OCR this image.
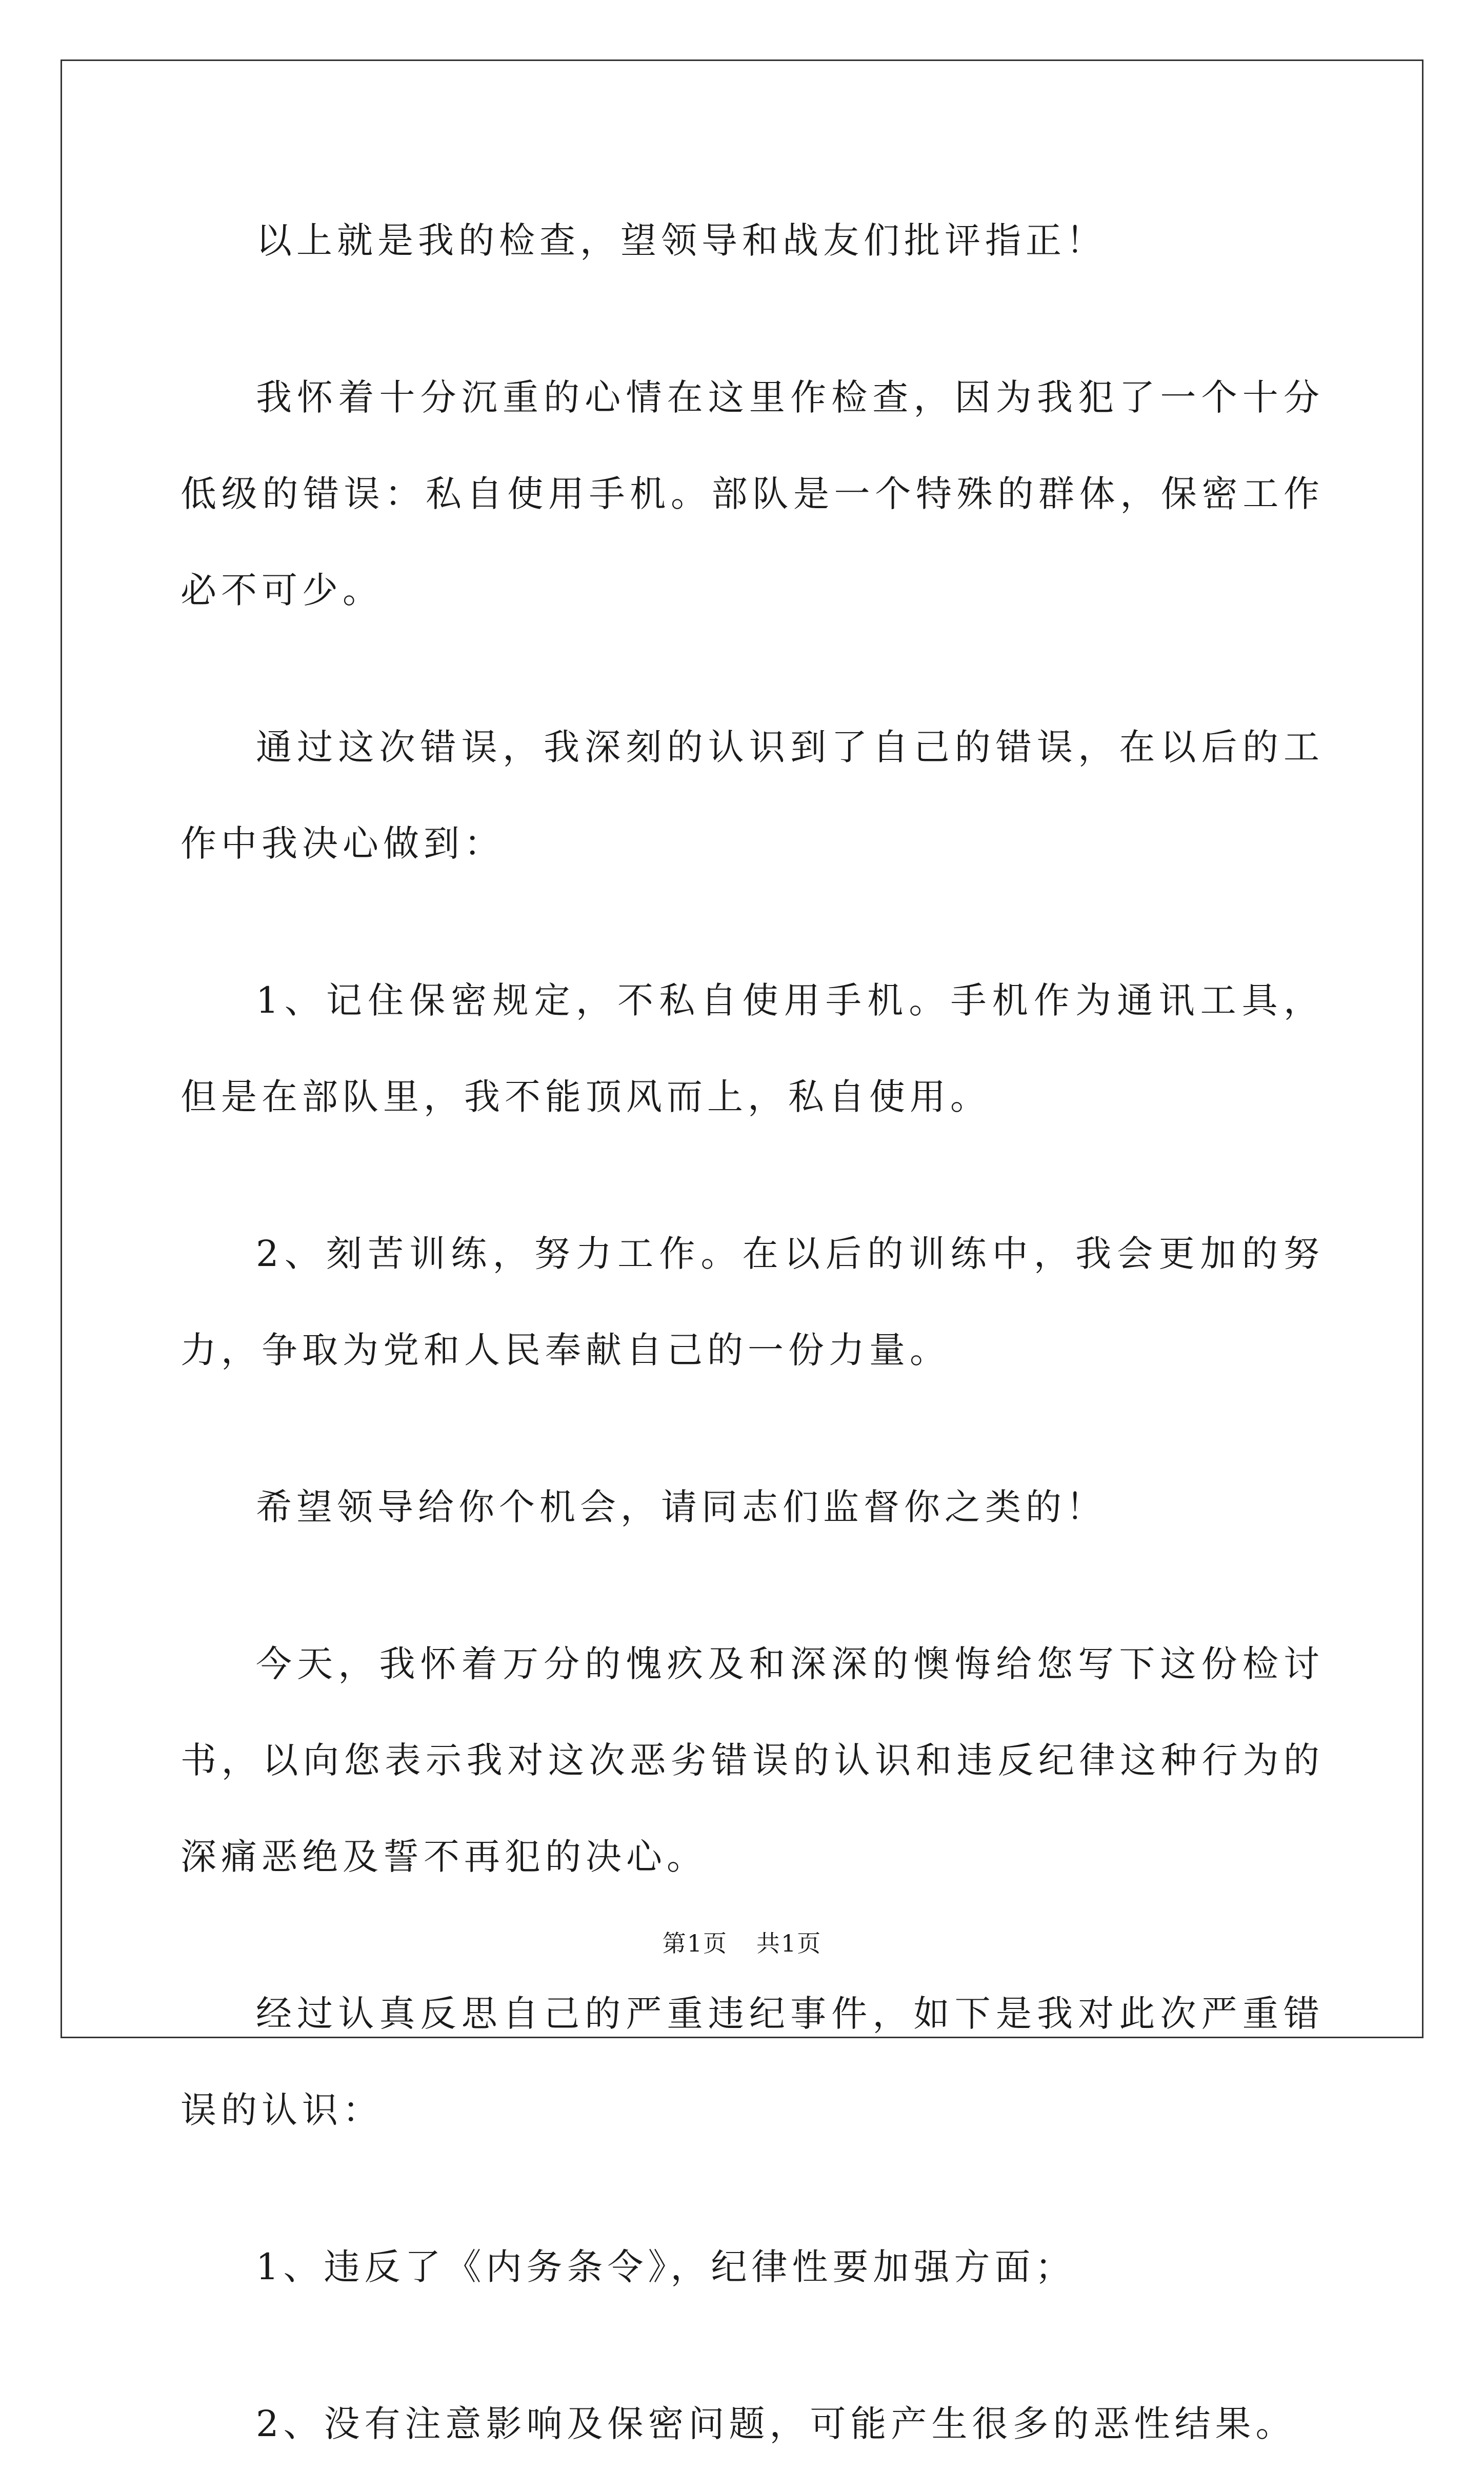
以上就是我的检查，望领导和战友们批评指正！

我怀着十分沉重的心情在这里作检查，因为我犯了一个十分低级的错误：私自使用手机。部队是一个特殊的群体，保密工作必不可少。

通过这次错误，我深刻的认识到了自己的错误，在以后的工作中我决心做到：

1、记住保密规定，不私自使用手机。手机作为通讯工具，但是在部队里，我不能顶风而上，私自使用。

2、刻苦训练，努力工作。在以后的训练中，我会更加的努力，争取为党和人民奉献自己的一份力量。

希望领导给你个机会，请同志们监督你之类的！

今天，我怀着万分的愧疚及和深深的懊悔给您写下这份检讨书，以向您表示我对这次恶劣错误的认识和违反纪律这种行为的深痛恶绝及誓不再犯的决心。

经过认真反思自己的严重违纪事件，如下是我对此次严重错误的认识：

1、违反了《内务条令》，纪律性要加强方面；

2、没有注意影响及保密问题，可能产生很多的恶性结果。

第1页 共1页
